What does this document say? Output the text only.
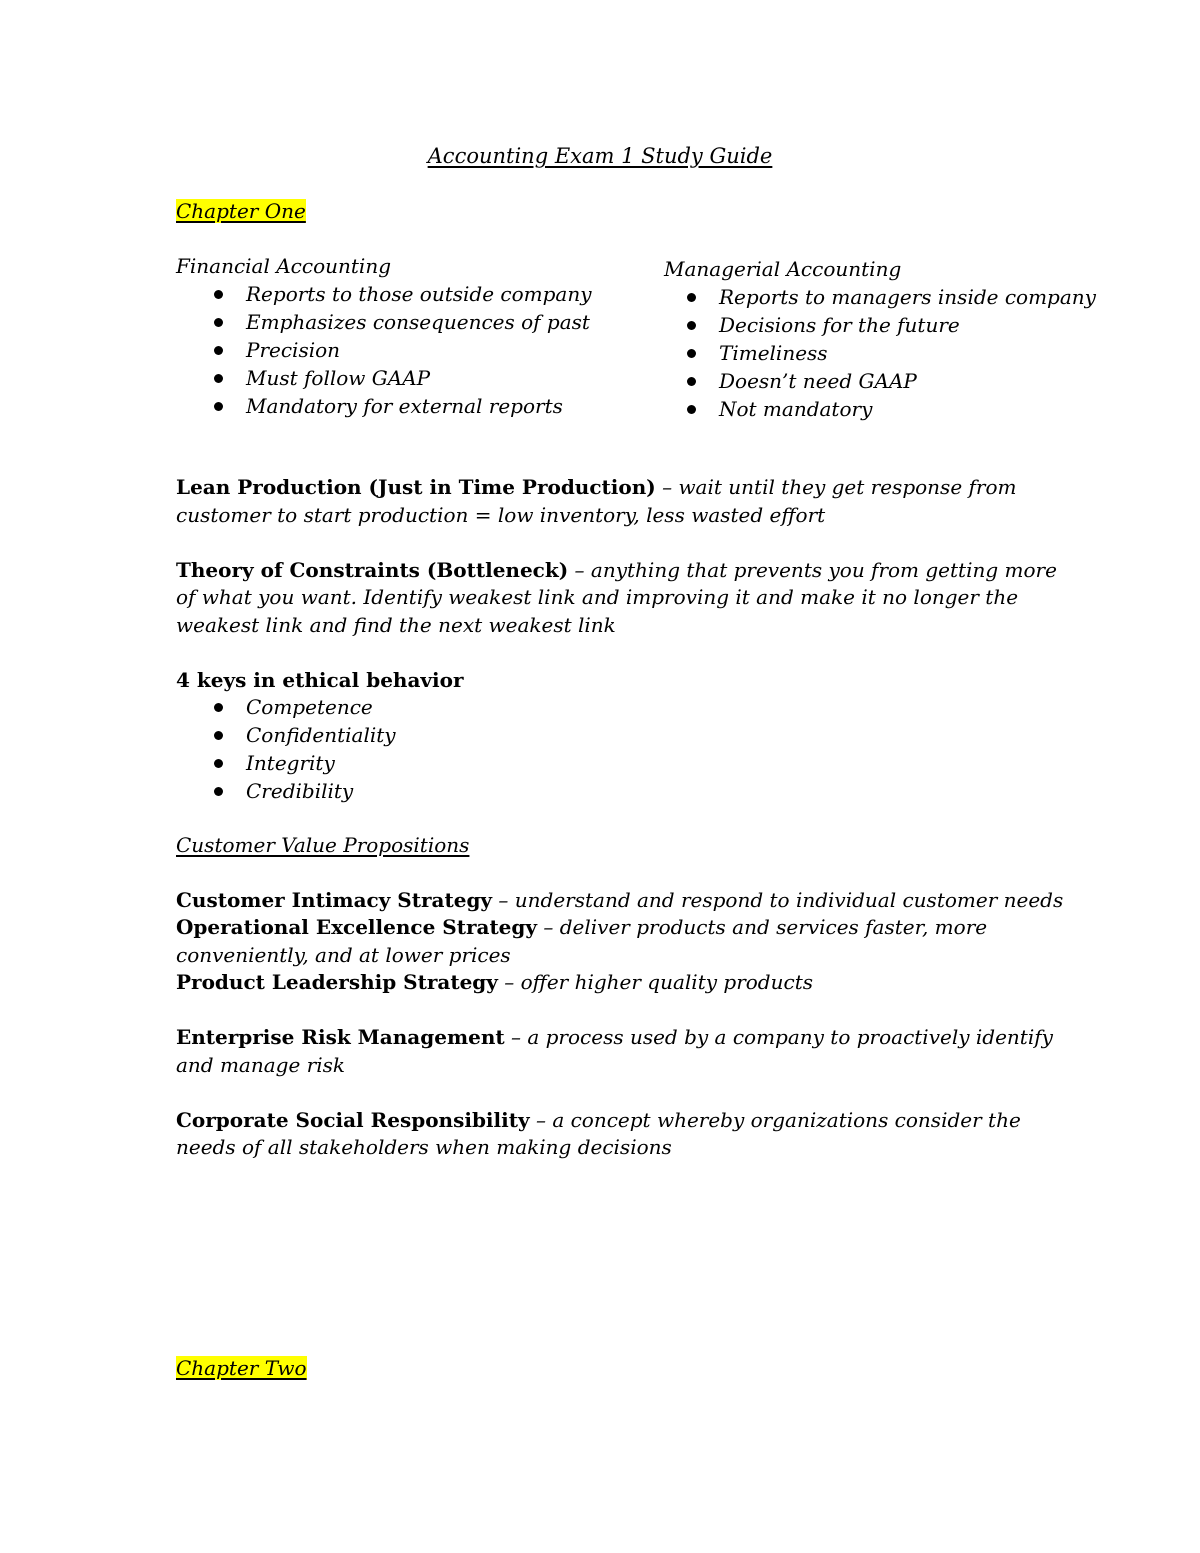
Accounting Exam 1 Study Guide
Chapter One
Financial Accounting
Reports to those outside company
Emphasizes consequences of past
Precision
Must follow GAAP
Mandatory for external reports
Managerial Accounting
Reports to managers inside company
Decisions for the future
Timeliness
Doesn’t need GAAP
Not mandatory
Lean Production (Just in Time Production) – wait until they get response from
customer to start production = low inventory, less wasted effort
Theory of Constraints (Bottleneck) – anything that prevents you from getting more
of what you want. Identify weakest link and improving it and make it no longer the
weakest link and find the next weakest link
4 keys in ethical behavior
Competence
Confidentiality
Integrity
Credibility
Customer Value Propositions
Customer Intimacy Strategy – understand and respond to individual customer needs
Operational Excellence Strategy – deliver products and services faster, more
conveniently, and at lower prices
Product Leadership Strategy – offer higher quality products
Enterprise Risk Management – a process used by a company to proactively identify
and manage risk
Corporate Social Responsibility – a concept whereby organizations consider the
needs of all stakeholders when making decisions
Chapter Two
